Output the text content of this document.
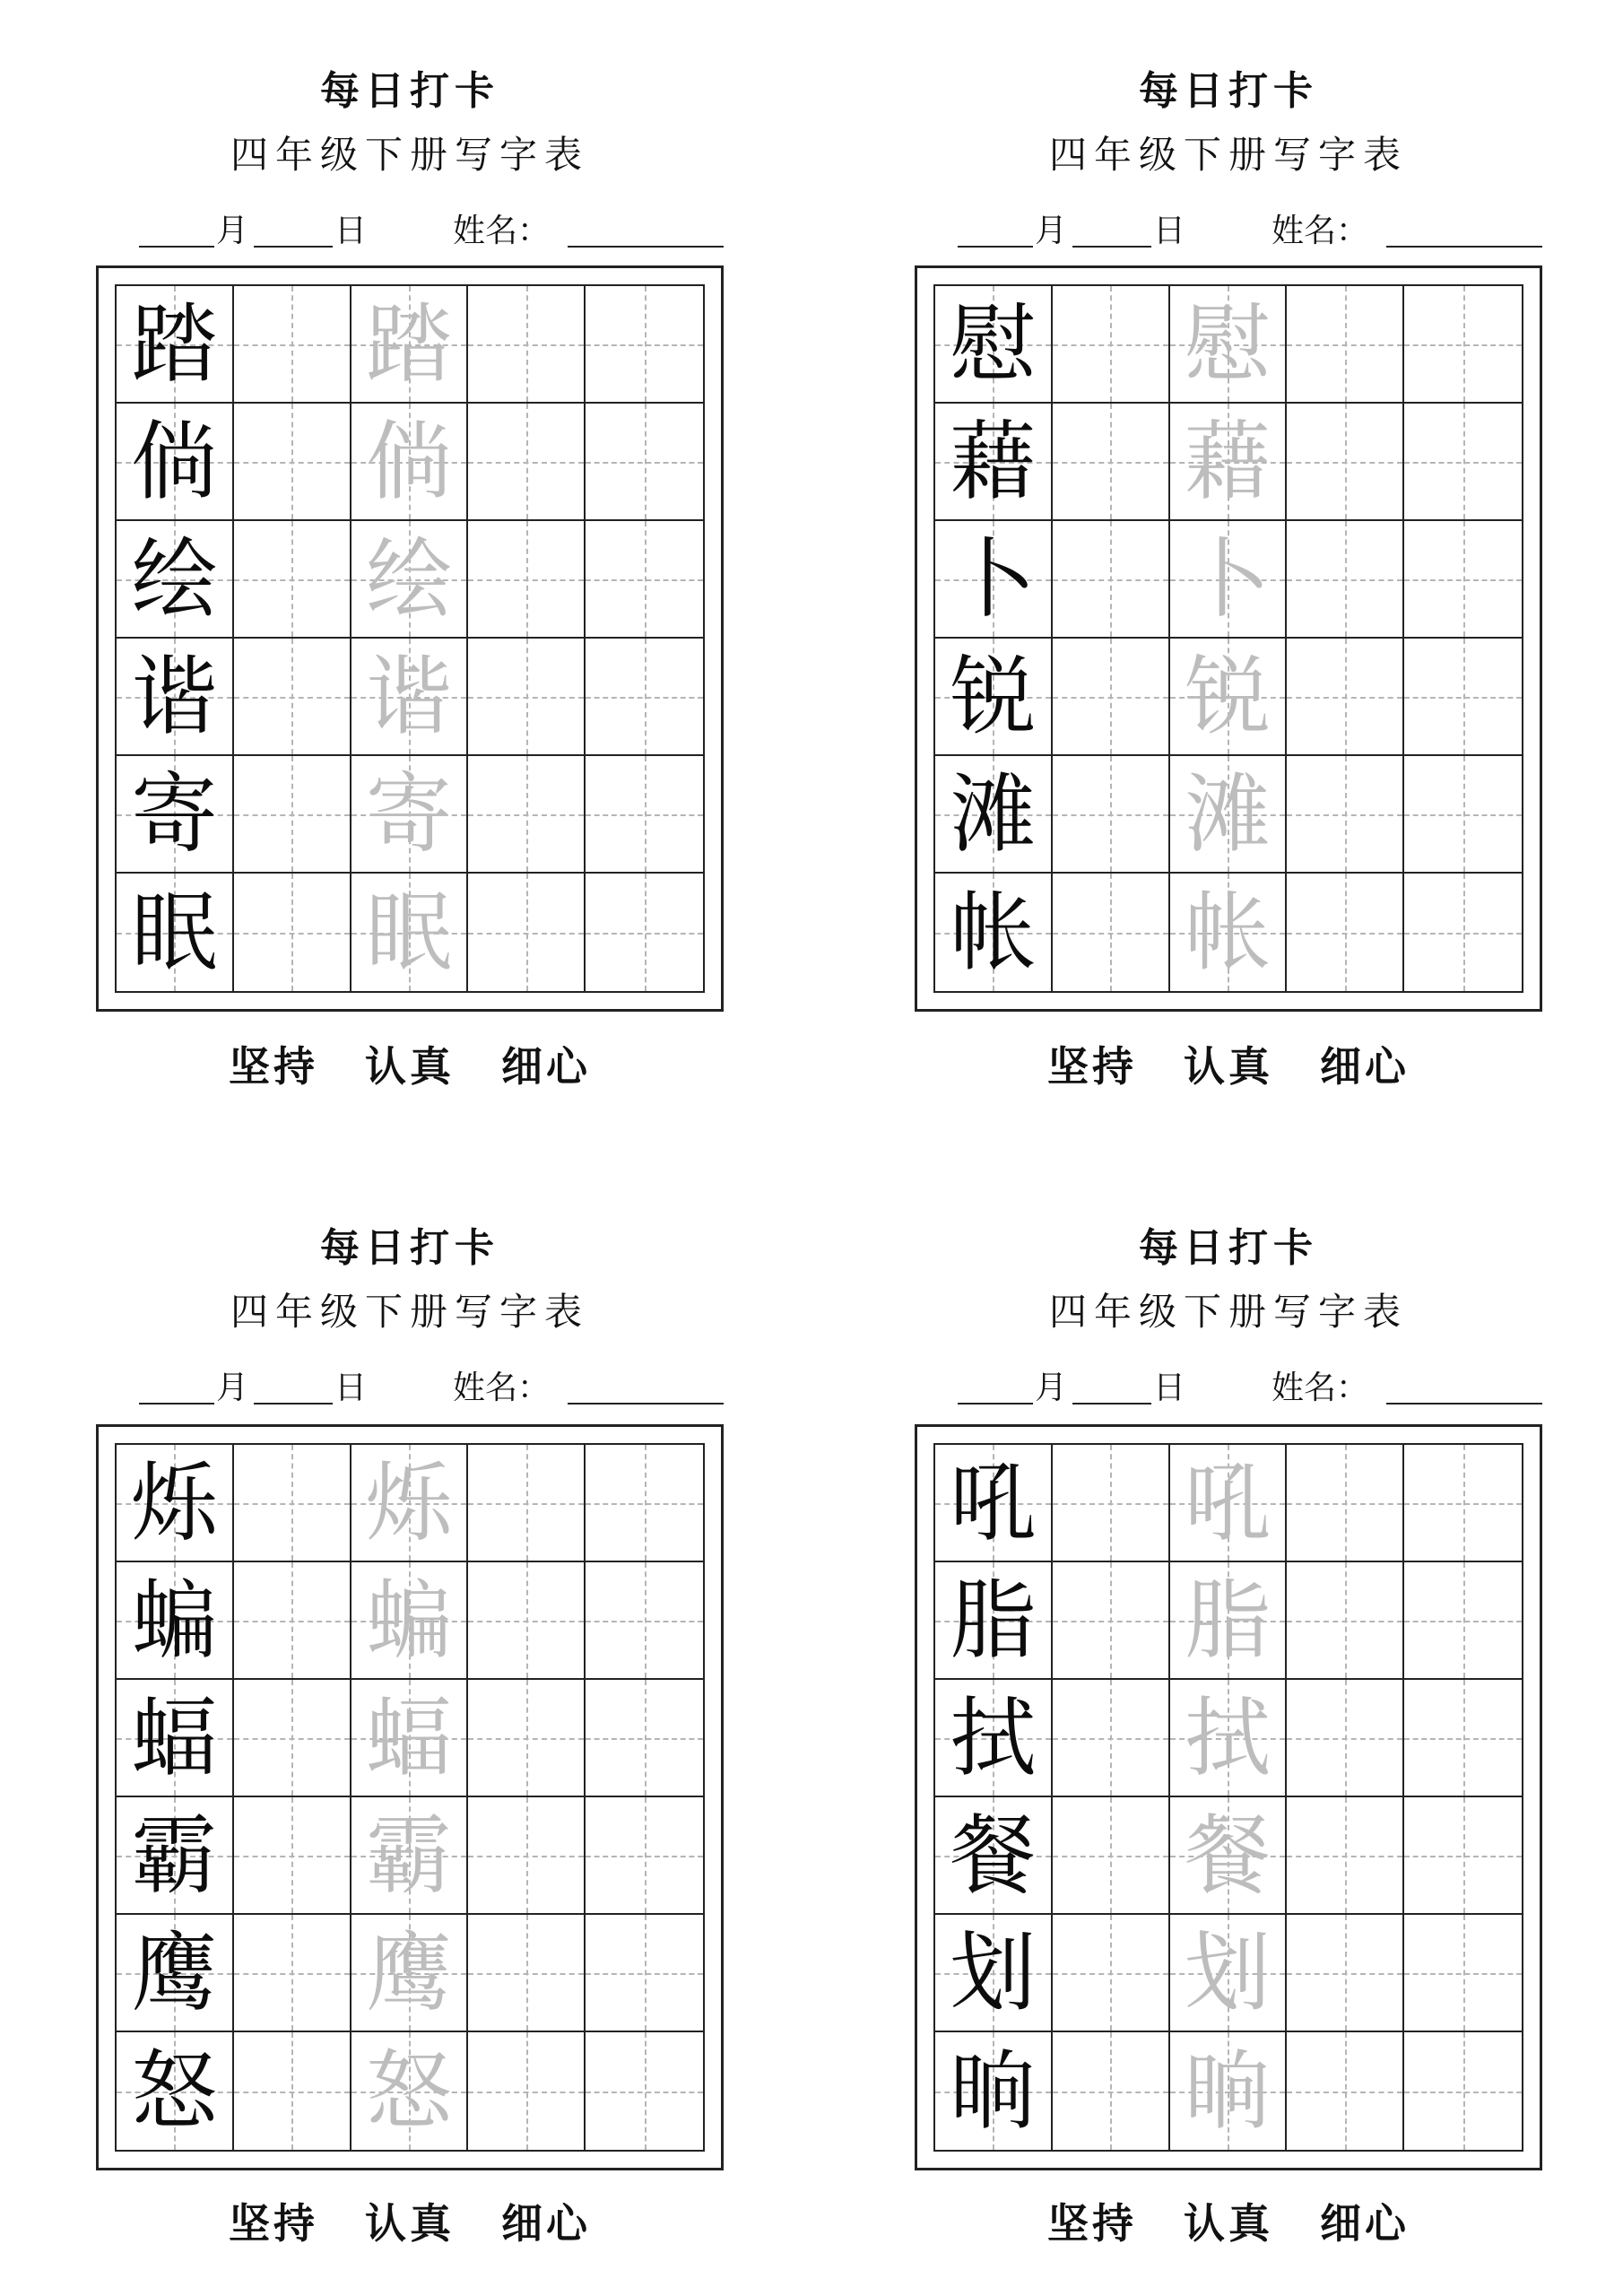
每日打卡
四年级下册写字表
月	日	姓名：
踏 踏
倘 倘
绘 绘
谐 谐
寄 寄
眠 眠
坚持 认真 细心
每日打卡
四年级下册写字表
月	日	姓名：
慰 慰
藉 藉
卜 卜
锐 锐
滩 滩
帐 帐
坚持 认真 细心
每日打卡
四年级下册写字表
月	日	姓名：
烁 烁
蝙 蝙
蝠 蝠
霸 霸
鹰 鹰
怒 怒
坚持 认真 细心
每日打卡
四年级下册写字表
月	日	姓名：
吼 吼
脂 脂
拭 拭
餐 餐
划 划
晌 晌
坚持 认真 细心
